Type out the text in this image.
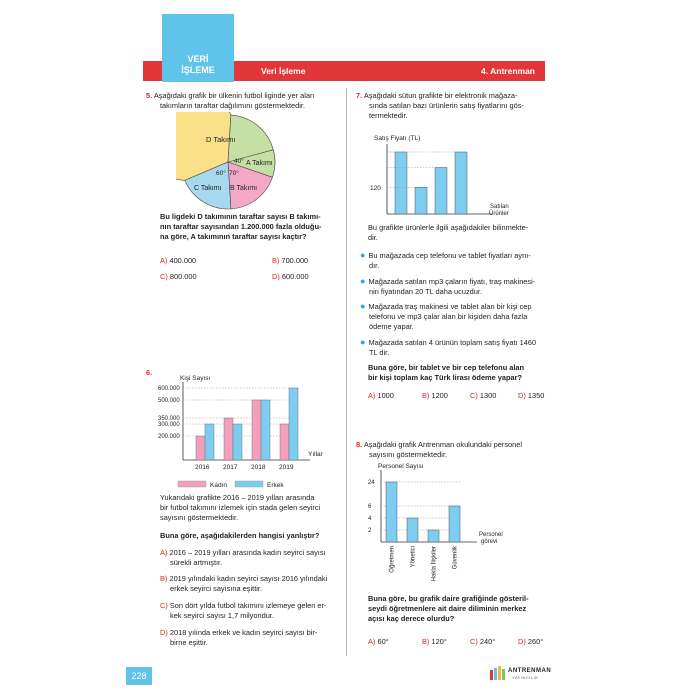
Veri İşleme	4. Antrenman
VERİ
İŞLEME
5. Aşağıdaki grafik bir ülkenin futbol liginde yer alan
takımların taraftar dağılımını göstermektedir.
D Takımı
A Takımı
40°
B Takımı
70°
C Takımı
60°
Bu ligdeki D takımının taraftar sayısı B takımı-
nın taraftar sayısından 1.200.000 fazla olduğu-
na göre, A takımının taraftar sayısı kaçtır?
A) 400.000	B) 700.000
C) 800.000	D) 600.000
6.
Kişi Sayısı
Yıllar
600.000
500.000
350.000
300.000
200.000
2016 2017 2018 2019
Kadın	Erkek
Yukarıdaki grafikte 2016 – 2019 yılları arasında
bir futbol takımını izlemek için stada gelen seyirci
sayısını göstermektedir.
Buna göre, aşağıdakilerden hangisi yanlıştır?
A) 2016 – 2019 yılları arasında kadın seyirci sayısı
sürekli artmıştır.
B) 2019 yılındaki kadın seyirci sayısı 2016 yılındaki
erkek seyirci sayısına eşittir.
C) Son dört yılda futbol takımını izlemeye gelen er-
kek seyirci sayısı 1,7 milyondur.
D) 2018 yılında erkek ve kadın seyirci sayısı bir-
birne eşittir.
7. Aşağıdaki sütun grafikte bir elektronik mağaza-
sında satılan bazı ürünlerin satış fiyatlarını gös-
termektedir.
Satış Fiyatı (TL)
120
Satılan
Ürünler
Bu grafikte ürünlerle ilgili aşağıdakiler bilinmekte-
dir.
● Bu mağazada cep telefonu ve tablet fiyatları aynı-
dır.
● Mağazada satılan mp3 çaların fiyatı, traş makinesi-
nin fiyatından 20 TL daha ucuzdur.
● Mağazada traş makinesi ve tablet alan bir kişi cep
telefonu ve mp3 çalar alan bir kişiden daha fazla
ödeme yapar.
● Mağazada satılan 4 ürünün toplam satış fiyatı 1460
TL dir.
Buna göre, bir tablet ve bir cep telefonu alan
bir kişi toplam kaç Türk lirası ödeme yapar?
A) 1000	B) 1200	C) 1300	D) 1350
8. Aşağıdaki grafik Antrenman okulundaki personel
sayısını göstermektedir.
Personel Sayısı
Personel
görevi
24
6
4
2
Öğretmen	Yönetici	Hakla İlişkiler	Güvenlik
Buna göre, bu grafik daire grafiğinde gösteril-
seydi öğretmenlere ait daire diliminin merkez
açısı kaç derece olurdu?
A) 60°	B) 120°	C) 240°	D) 260°
228	ANTRENMAN
YAYINCILIK
